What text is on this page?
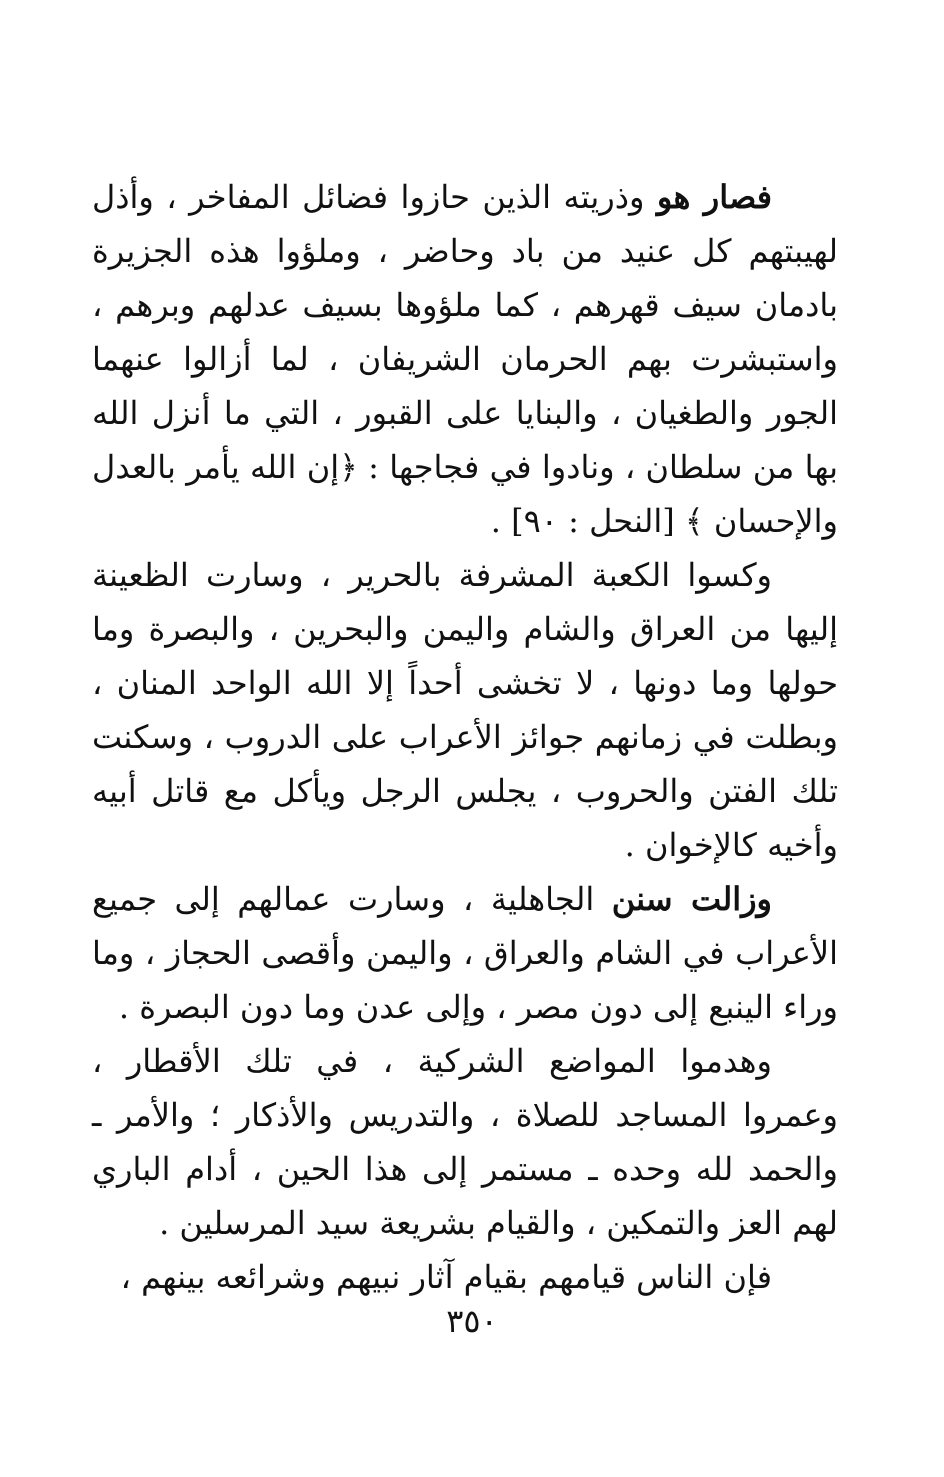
فصار هو وذريته الذين حازوا فضائل المفاخر ، وأذل لهيبتهم كل عنيد من باد وحاضر ، وملؤوا هذه الجزيرة بادمان سيف قهرهم ، كما ملؤوها بسيف عدلهم وبرهم ، واستبشرت بهم الحرمان الشريفان ، لما أزالوا عنهما الجور والطغيان ، والبنايا على القبور ، التي ما أنزل الله بها من سلطان ، ونادوا في فجاجها : ﴿إن الله يأمر بالعدل والإحسان ﴾ [النحل : ٩٠] .

وكسوا الكعبة المشرفة بالحرير ، وسارت الظعينة إليها من العراق والشام واليمن والبحرين ، والبصرة وما حولها وما دونها ، لا تخشى أحداً إلا الله الواحد المنان ، وبطلت في زمانهم جوائز الأعراب على الدروب ، وسكنت تلك الفتن والحروب ، يجلس الرجل ويأكل مع قاتل أبيه وأخيه كالإخوان .

وزالت سنن الجاهلية ، وسارت عمالهم إلى جميع الأعراب في الشام والعراق ، واليمن وأقصى الحجاز ، وما وراء الينبع إلى دون مصر ، وإلى عدن وما دون البصرة .

وهدموا المواضع الشركية ، في تلك الأقطار ، وعمروا المساجد للصلاة ، والتدريس والأذكار ؛ والأمر ـ والحمد لله وحده ـ مستمر إلى هذا الحين ، أدام الباري لهم العز والتمكين ، والقيام بشريعة سيد المرسلين .

فإن الناس قيامهم بقيام آثار نبيهم وشرائعه بينهم ،

٣٥٠
